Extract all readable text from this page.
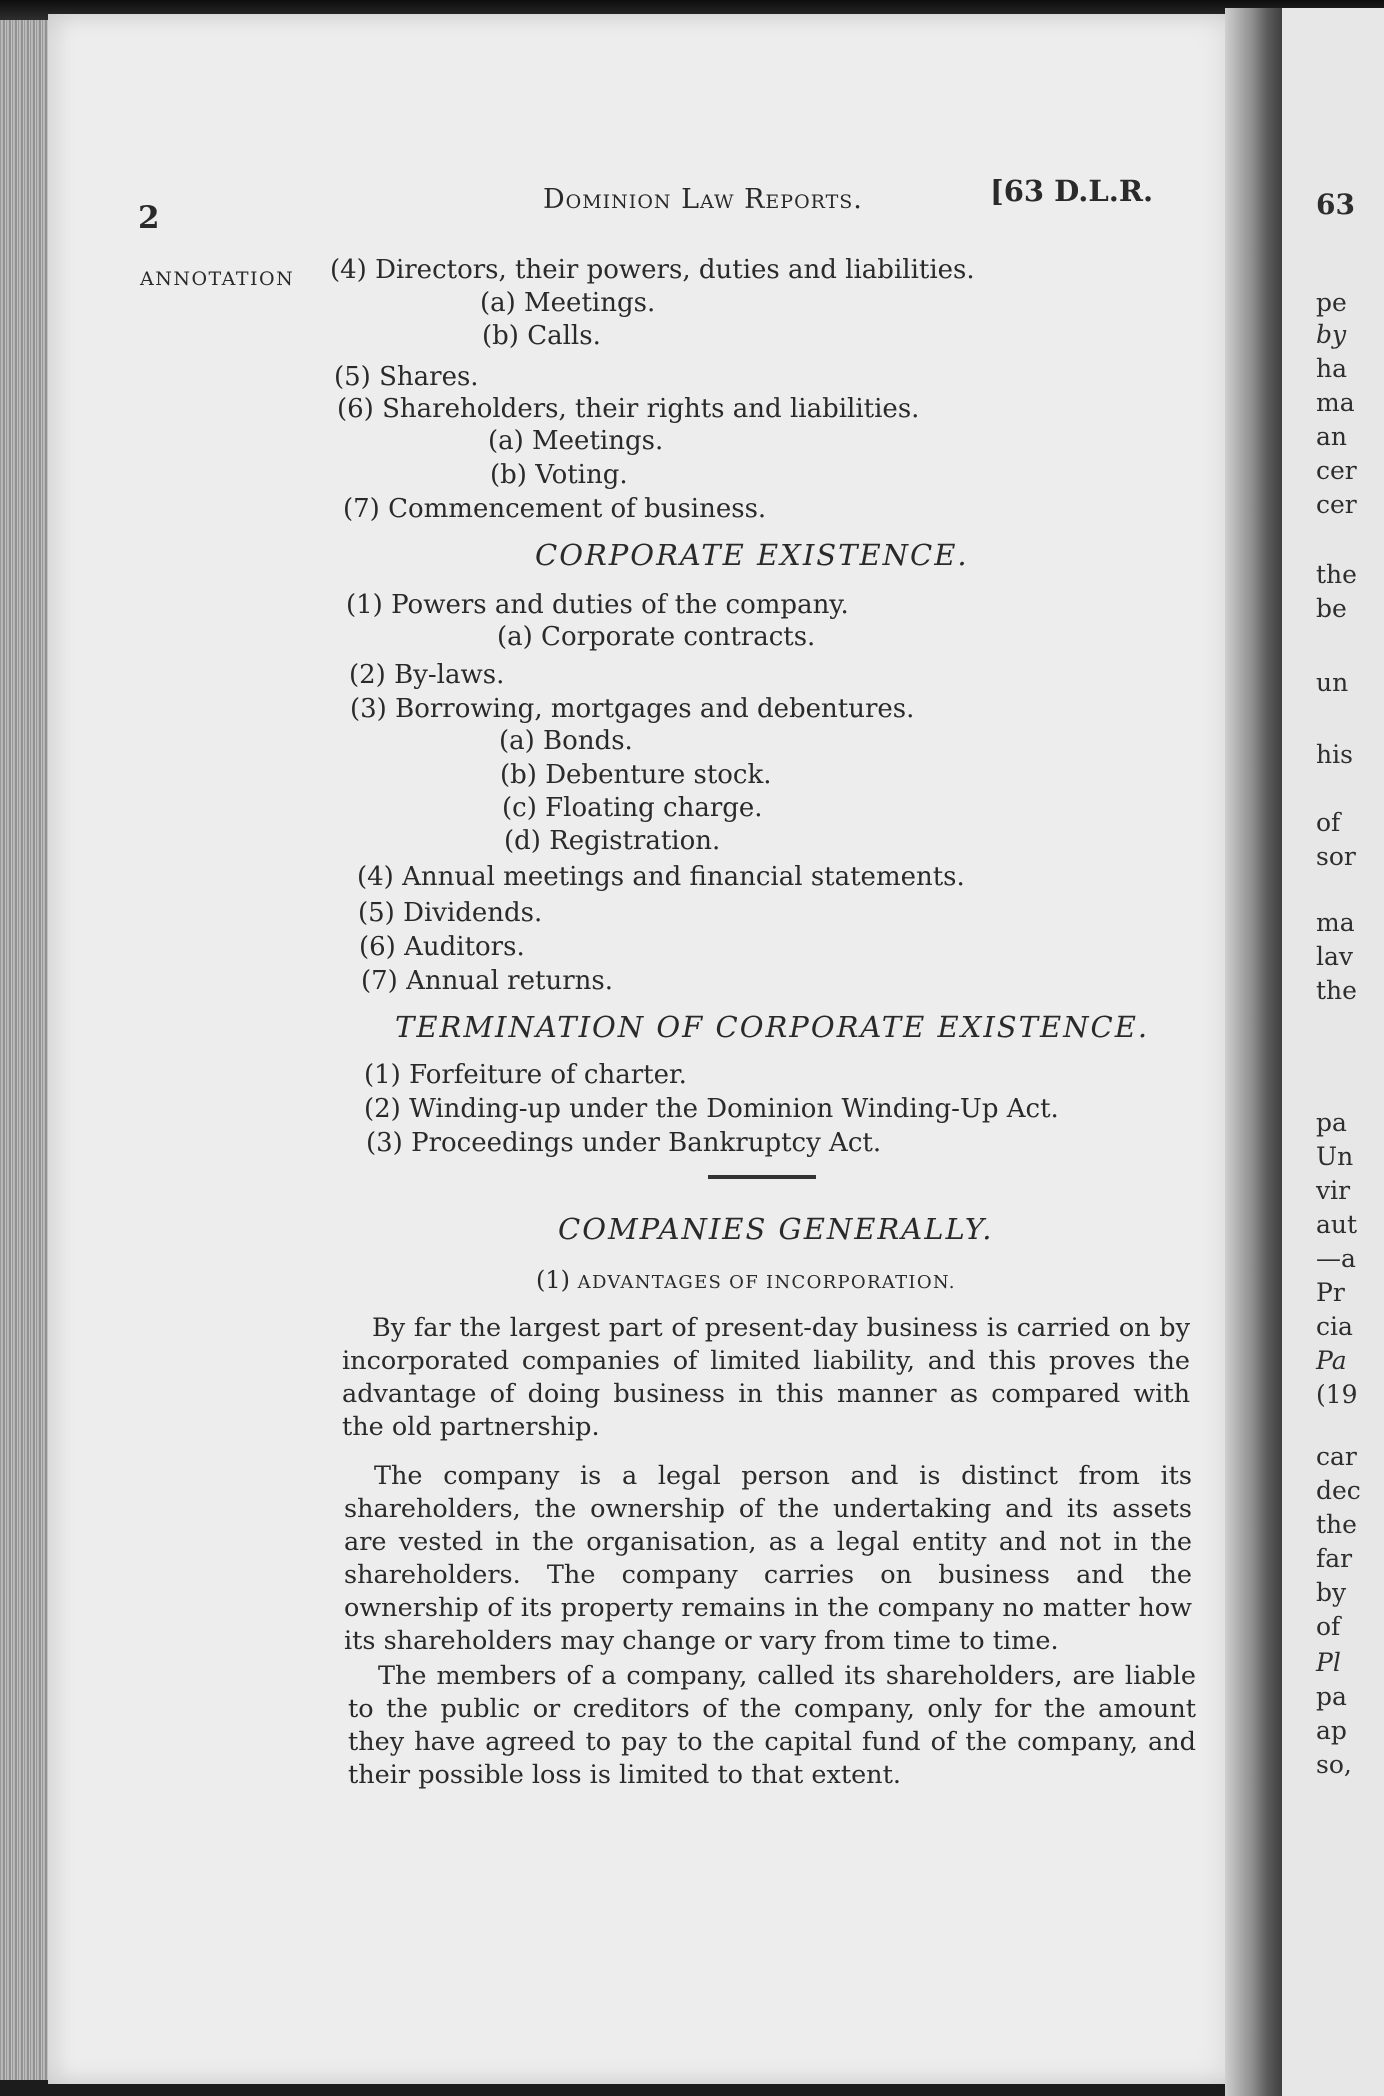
2
Dominion Law Reports.	[63 D.L.R.
ANNOTATION (4) Directors, their powers, duties and liabilities.
(a) Meetings.
(b) Calls.
(5) Shares.
(6) Shareholders, their rights and liabilities.
(a) Meetings.
(b) Voting.
(7) Commencement of business.
CORPORATE EXISTENCE.
(1) Powers and duties of the company.
(a) Corporate contracts.
(2) By-laws.
(3) Borrowing, mortgages and debentures.
(a) Bonds.
(b) Debenture stock.
(c) Floating charge.
(d) Registration.
(4) Annual meetings and financial statements.
(5) Dividends.
(6) Auditors.
(7) Annual returns.
TERMINATION OF CORPORATE EXISTENCE.
(1) Forfeiture of charter.
(2) Winding-up under the Dominion Winding-Up Act.
(3) Proceedings under Bankruptcy Act.
COMPANIES GENERALLY.
(1) ADVANTAGES OF INCORPORATION.

By far the largest part of present-day business is carried on by incorporated companies of limited liability, and this proves the advantage of doing business in this manner as compared with the old partnership.

The company is a legal person and is distinct from its shareholders, the ownership of the undertaking and its assets are vested in the organisation, as a legal entity and not in the shareholders. The company carries on business and the ownership of its property remains in the company no matter how its shareholders may change or vary from time to time.

The members of a company, called its shareholders, are liable to the public or creditors of the company, only for the amount they have agreed to pay to the capital fund of the company, and their possible loss is limited to that extent.

63
pe
by
ha
ma
an
cer
cer
the
be
un
his
of
sor
ma
lav
the
pa
Un
vir
aut
—a
Pr
cia
Pa
(19
car
dec
the
far
by
of
Pl
pa
ap
so,
